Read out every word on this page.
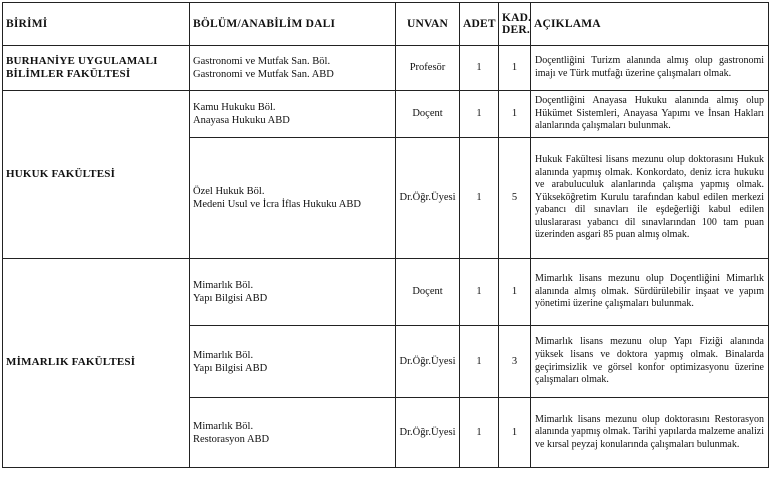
BİRİMİ	BÖLÜM/ANABİLİM DALI	UNVAN	ADET	KAD.
DER.	AÇIKLAMA
BURHANİYE UYGULAMALI BİLİMLER FAKÜLTESİ	Gastronomi ve Mutfak San. Böl.
Gastronomi ve Mutfak San. ABD	Profesör	1	1	Doçentliğini Turizm alanında almış olup gastronomi imajı ve Türk mutfağı üzerine çalışmaları olmak.
HUKUK FAKÜLTESİ	Kamu Hukuku Böl.
Anayasa Hukuku ABD	Doçent	1	1	Doçentliğini Anayasa Hukuku alanında almış olup Hükümet Sistemleri, Anayasa Yapımı ve İnsan Hakları alanlarında çalışmaları bulunmak.

	Özel Hukuk Böl.
Medeni Usul ve İcra İflas Hukuku ABD	Dr.Öğr.Üyesi	1	5	Hukuk Fakültesi lisans mezunu olup doktorasını Hukuk alanında yapmış olmak. Konkordato, deniz icra hukuku ve arabuluculuk alanlarında çalışma yapmış olmak. Yükseköğretim Kurulu tarafından kabul edilen merkezi yabancı dil sınavları ile eşdeğerliği kabul edilen uluslararası yabancı dil sınavlarından 100 tam puan üzerinden asgari 85 puan almış olmak.
MİMARLIK FAKÜLTESİ	Mimarlık Böl.
Yapı Bilgisi ABD	Doçent	1	1	Mimarlık lisans mezunu olup Doçentliğini Mimarlık alanında almış olmak. Sürdürülebilir inşaat ve yapım yönetimi üzerine çalışmaları bulunmak.

	Mimarlık Böl.
Yapı Bilgisi ABD	Dr.Öğr.Üyesi	1	3	Mimarlık lisans mezunu olup Yapı Fiziği alanında yüksek lisans ve doktora yapmış olmak. Binalarda geçirimsizlik ve görsel konfor optimizasyonu üzerine çalışmaları olmak.

	Mimarlık Böl.
Restorasyon ABD	Dr.Öğr.Üyesi	1	1	Mimarlık lisans mezunu olup doktorasını Restorasyon alanında yapmış olmak. Tarihi yapılarda malzeme analizi ve kırsal peyzaj konularında çalışmaları bulunmak.
